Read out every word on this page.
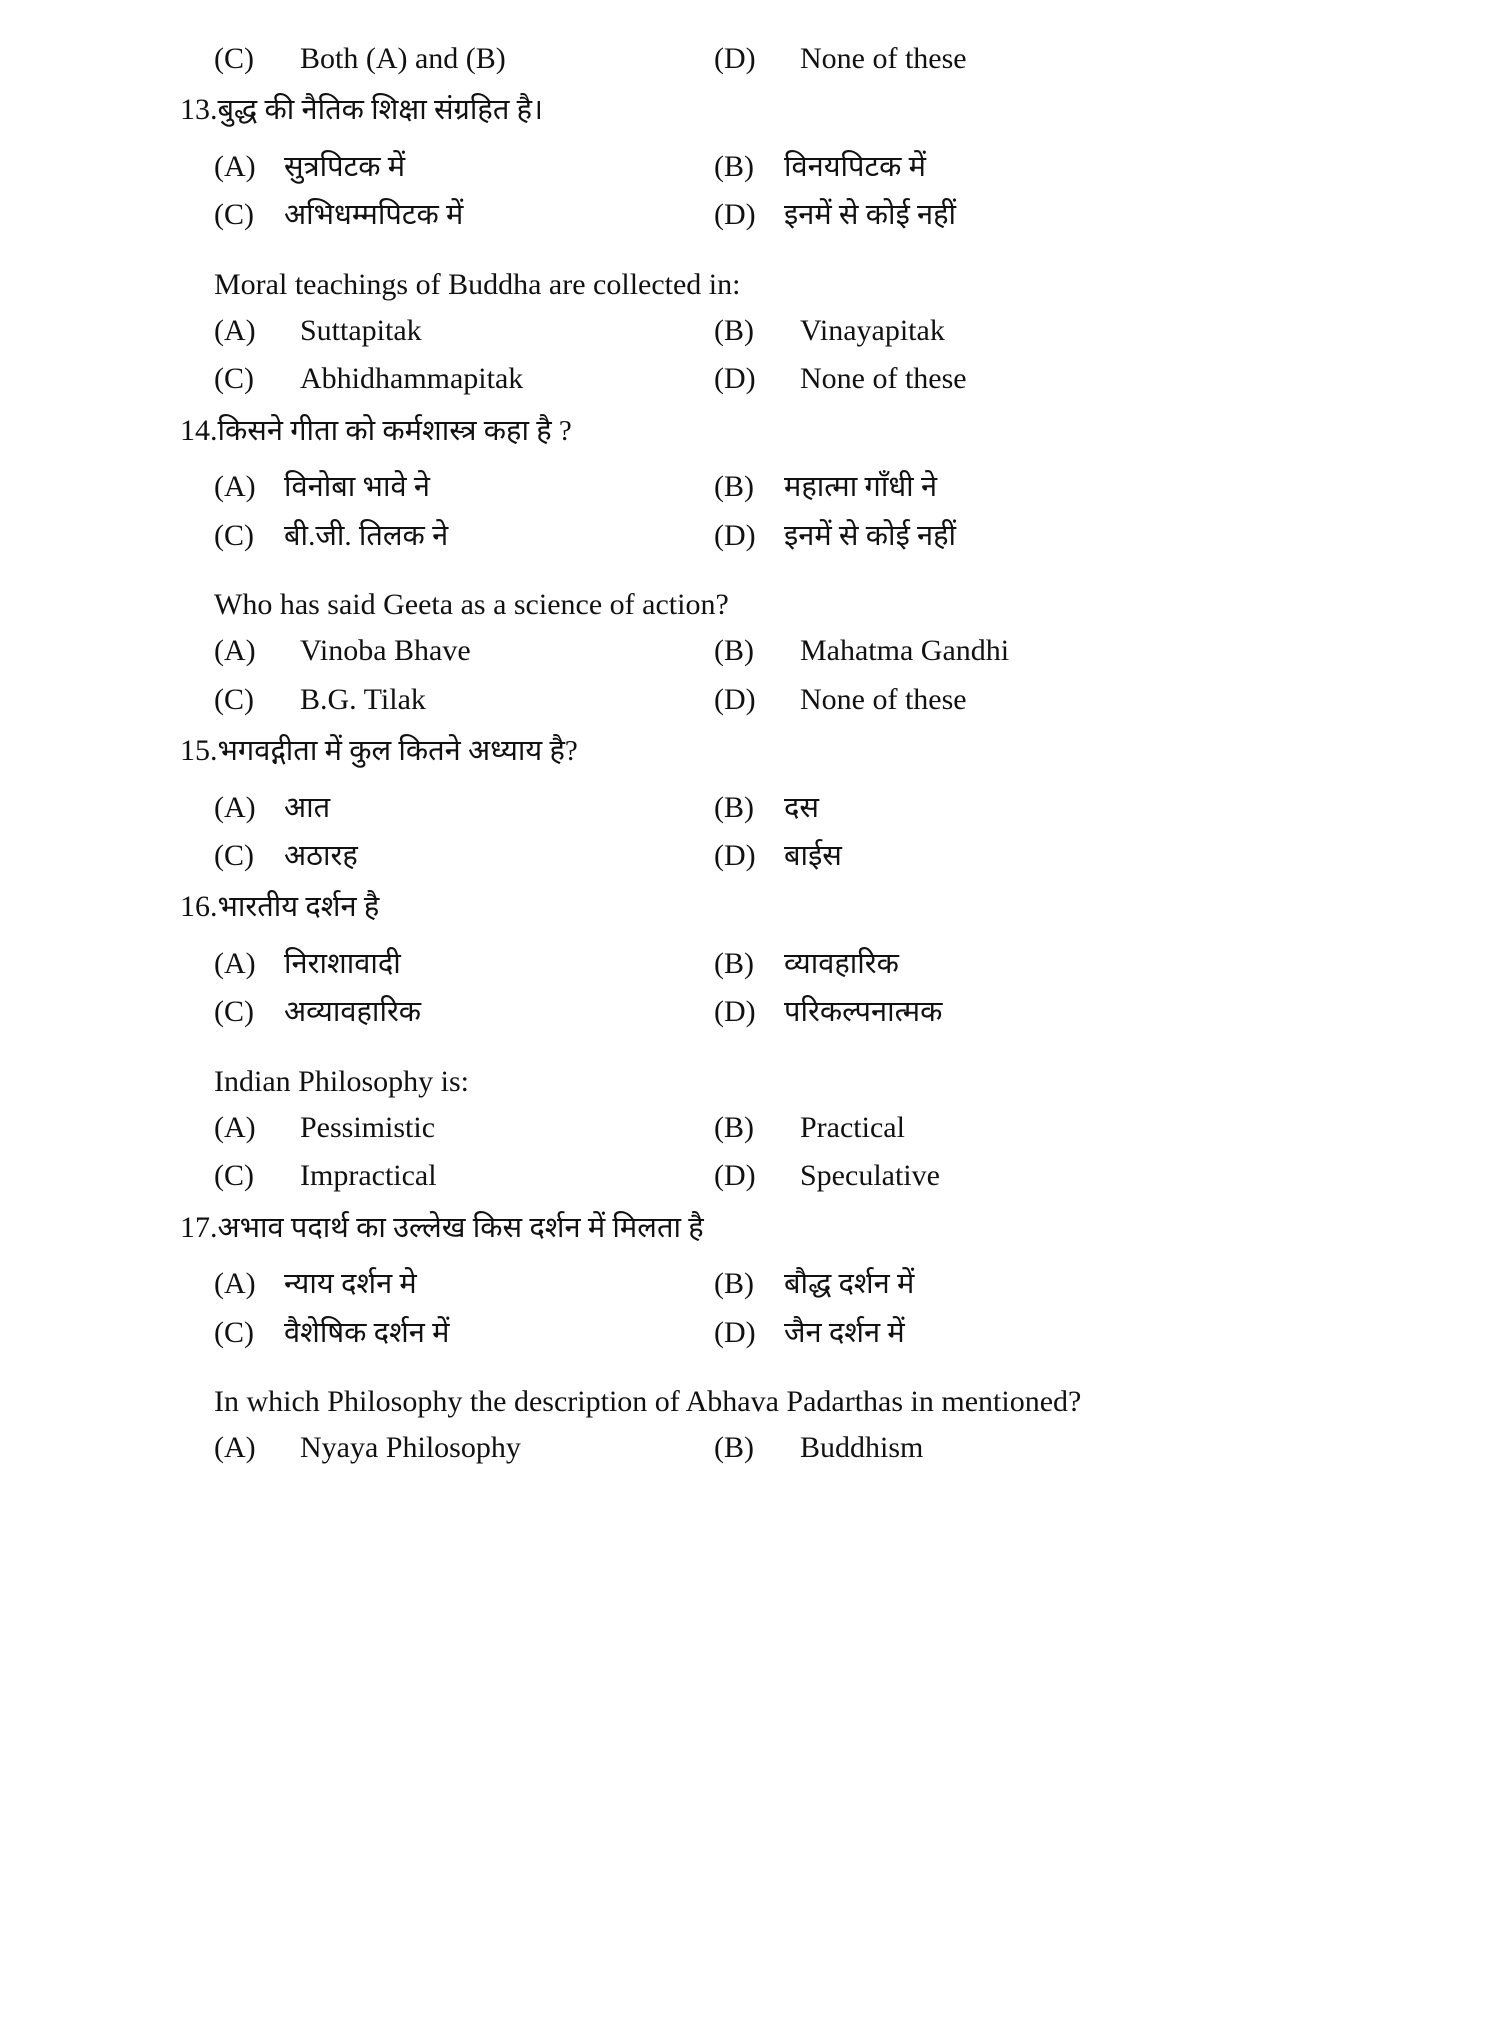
(C)	Both (A) and (B)	(D)	None of these
13. बुद्ध की नैतिक शिक्षा संग्रहित है।
(A) सुत्रपिटक में	(B)	विनयपिटक में
(C)	अभिधम्मपिटक में	(D) इनमें से कोई नहीं
Moral teachings of Buddha are collected in:
(A)	Suttapitak	(B)	Vinayapitak
(C)	Abhidhammapitak	(D)	None of these
14. किसने गीता को कर्मशास्त्र कहा है ?
(A) विनोबा भावे ने	(B)	महात्मा गाँधी ने
(C)	बी.जी. तिलक ने	(D) इनमें से कोई नहीं
Who has said Geeta as a science of action?
(A)	Vinoba Bhave	(B)	Mahatma Gandhi
(C)	B.G. Tilak	(D)	None of these
15. भगवद्गीता में कुल कितने अध्याय है?
(A) आत	(B)	दस
(C)	अठारह	(D) बाईस
16. भारतीय दर्शन है
(A) निराशावादी	(B)	व्यावहारिक
(C)	अव्यावहारिक	(D) परिकल्पनात्मक
Indian Philosophy is:
(A)	Pessimistic	(B)	Practical
(C)	Impractical	(D)	Speculative
17. अभाव पदार्थ का उल्लेख किस दर्शन में मिलता है
(A) न्याय दर्शन मे	(B)	बौद्ध दर्शन में
(C)	वैशेषिक दर्शन में	(D) जैन दर्शन में
In which Philosophy the description of Abhava Padarthas in mentioned?
(A)	Nyaya Philosophy	(B)	Buddhism
